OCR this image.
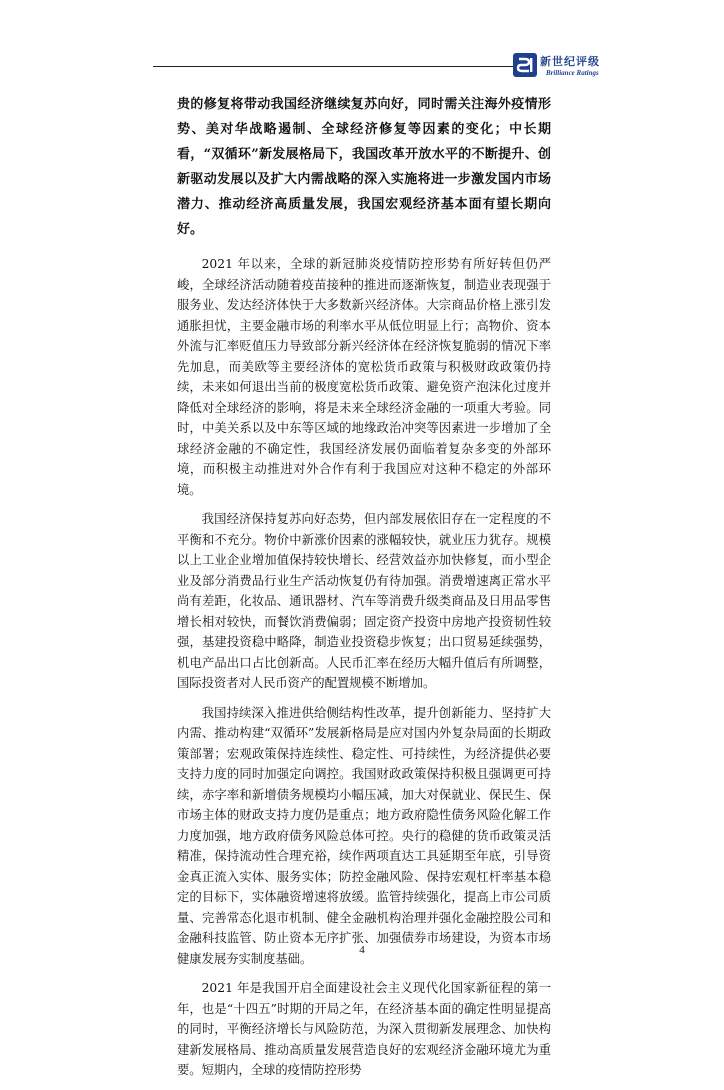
新世纪评级
Brilliance Ratings

贵的修复将带动我国经济继续复苏向好，同时需关注海外疫情形势、美对华战略遏制、全球经济修复等因素的变化；中长期看，“双循环”新发展格局下，我国改革开放水平的不断提升、创新驱动发展以及扩大内需战略的深入实施将进一步激发国内市场潜力、推动经济高质量发展，我国宏观经济基本面有望长期向好。

2021 年以来，全球的新冠肺炎疫情防控形势有所好转但仍严峻，全球经济活动随着疫苗接种的推进而逐渐恢复，制造业表现强于服务业、发达经济体快于大多数新兴经济体。大宗商品价格上涨引发通胀担忧，主要金融市场的利率水平从低位明显上行；高物价、资本外流与汇率贬值压力导致部分新兴经济体在经济恢复脆弱的情况下率先加息，而美欧等主要经济体的宽松货币政策与积极财政政策仍持续，未来如何退出当前的极度宽松货币政策、避免资产泡沫化过度并降低对全球经济的影响，将是未来全球经济金融的一项重大考验。同时，中美关系以及中东等区域的地缘政治冲突等因素进一步增加了全球经济金融的不确定性，我国经济发展仍面临着复杂多变的外部环境，而积极主动推进对外合作有利于我国应对这种不稳定的外部环境。

我国经济保持复苏向好态势，但内部发展依旧存在一定程度的不平衡和不充分。物价中新涨价因素的涨幅较快，就业压力犹存。规模以上工业企业增加值保持较快增长、经营效益亦加快修复，而小型企业及部分消费品行业生产活动恢复仍有待加强。消费增速离正常水平尚有差距，化妆品、通讯器材、汽车等消费升级类商品及日用品零售增长相对较快，而餐饮消费偏弱；固定资产投资中房地产投资韧性较强，基建投资稳中略降，制造业投资稳步恢复；出口贸易延续强势，机电产品出口占比创新高。人民币汇率在经历大幅升值后有所调整，国际投资者对人民币资产的配置规模不断增加。

我国持续深入推进供给侧结构性改革，提升创新能力、坚持扩大内需、推动构建“双循环”发展新格局是应对国内外复杂局面的长期政策部署；宏观政策保持连续性、稳定性、可持续性，为经济提供必要支持力度的同时加强定向调控。我国财政政策保持积极且强调更可持续，赤字率和新增债务规模均小幅压减，加大对保就业、保民生、保市场主体的财政支持力度仍是重点；地方政府隐性债务风险化解工作力度加强，地方政府债务风险总体可控。央行的稳健的货币政策灵活精准，保持流动性合理充裕，续作两项直达工具延期至年底，引导资金真正流入实体、服务实体；防控金融风险、保持宏观杠杆率基本稳定的目标下，实体融资增速将放缓。监管持续强化，提高上市公司质量、完善常态化退市机制、健全金融机构治理并强化金融控股公司和金融科技监管、防止资本无序扩张、加强债券市场建设，为资本市场健康发展夯实制度基础。

2021 年是我国开启全面建设社会主义现代化国家新征程的第一年，也是“十四五”时期的开局之年，在经济基本面的确定性明显提高的同时，平衡经济增长与风险防范，为深入贯彻新发展理念、加快构建新发展格局、推动高质量发展营造良好的宏观经济金融环境尤为重要。短期内，全球的疫情防控形势

4
